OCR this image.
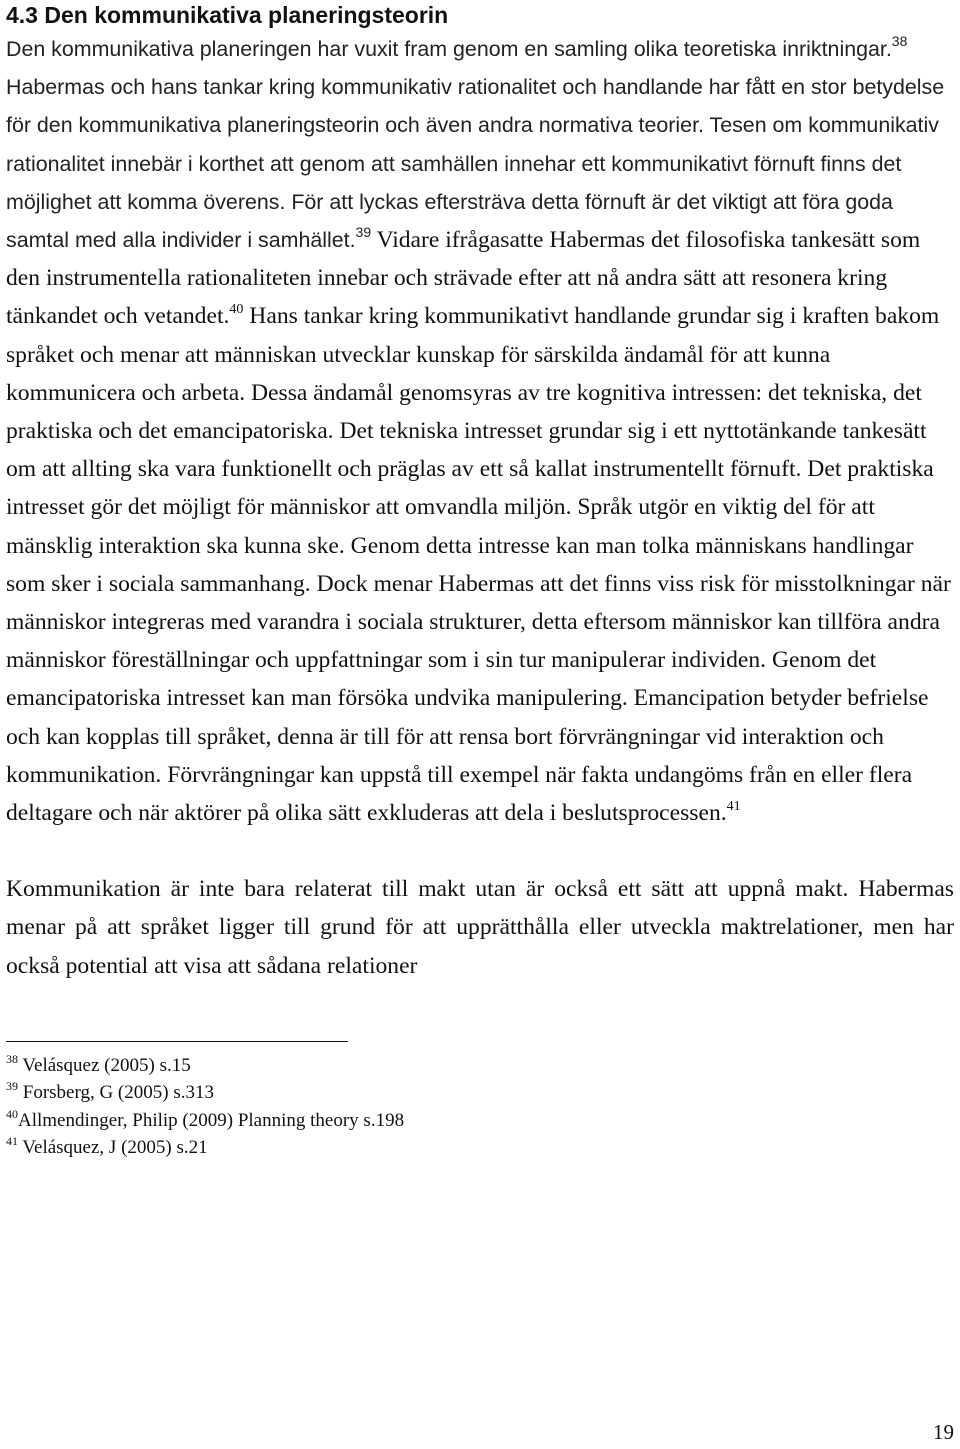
4.3 Den kommunikativa planeringsteorin

Den kommunikativa planeringen har vuxit fram genom en samling olika teoretiska inriktningar.$^{38}$ Habermas och hans tankar kring kommunikativ rationalitet och handlande har fått en stor betydelse för den kommunikativa planeringsteorin och även andra normativa teorier. Tesen om kommunikativ rationalitet innebär i korthet att genom att samhällen innehar ett kommunikativt förnuft finns det möjlighet att komma överens. För att lyckas eftersträva detta förnuft är det viktigt att föra goda samtal med alla individer i samhället.$^{39}$ Vidare ifrågasatte Habermas det filosofiska tankesätt som den instrumentella rationaliteten innebar och strävade efter att nå andra sätt att resonera kring tänkandet och vetandet.$^{40}$ Hans tankar kring kommunikativt handlande grundar sig i kraften bakom språket och menar att människan utvecklar kunskap för särskilda ändamål för att kunna kommunicera och arbeta. Dessa ändamål genomsyras av tre kognitiva intressen: det tekniska, det praktiska och det emancipatoriska. Det tekniska intresset grundar sig i ett nyttotänkande tankesätt om att allting ska vara funktionellt och präglas av ett så kallat instrumentellt förnuft. Det praktiska intresset gör det möjligt för människor att omvandla miljön. Språk utgör en viktig del för att mänsklig interaktion ska kunna ske. Genom detta intresse kan man tolka människans handlingar som sker i sociala sammanhang. Dock menar Habermas att det finns viss risk för misstolkningar när människor integreras med varandra i sociala strukturer, detta eftersom människor kan tillföra andra människor föreställningar och uppfattningar som i sin tur manipulerar individen. Genom det emancipatoriska intresset kan man försöka undvika manipulering. Emancipation betyder befrielse och kan kopplas till språket, denna är till för att rensa bort förvrängningar vid interaktion och kommunikation. Förvrängningar kan uppstå till exempel när fakta undangöms från en eller flera deltagare och när aktörer på olika sätt exkluderas att dela i beslutsprocessen.$^{41}$

Kommunikation är inte bara relaterat till makt utan är också ett sätt att uppnå makt. Habermas menar på att språket ligger till grund för att upprätthålla eller utveckla maktrelationer, men har också potential att visa att sådana relationer

$^{38}$ Velásquez (2005) s.15
$^{39}$ Forsberg, G (2005) s.313
$^{40}$Allmendinger, Philip (2009) Planning theory s.198
$^{41}$ Velásquez, J (2005) s.21
19
